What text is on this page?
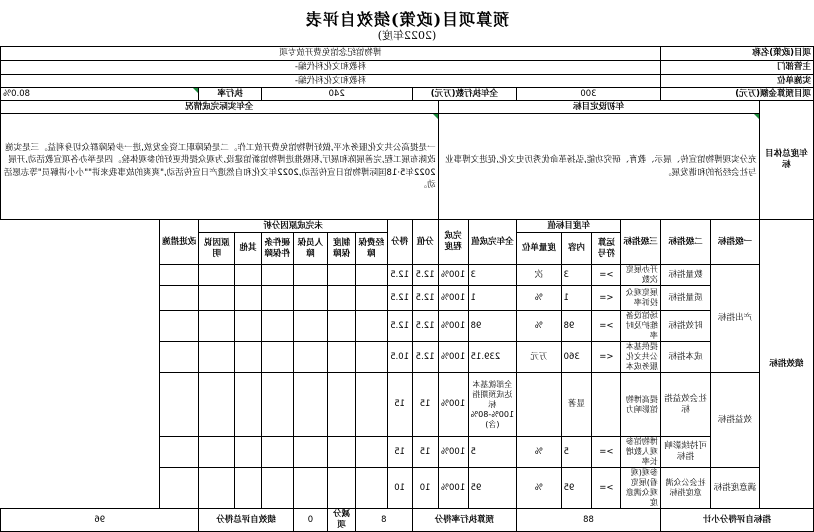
预算项目(政策)绩效自评表
(2022年度)
项目(政策)名称			博物馆纪念馆免费开放专项														
主管部门			科教和文化科代编-														
实施单位			科教和文化科代编-														
项目预算金额(万元)			300				全年执行数(万元)			240					执行率		80.0%
年度总体目标	年初设定目标								全年实际完成情况								
	充分实现博物馆宣传、展示、教育、研究功能,弘扬革命优秀历史文化,促进文博事业与社会经济的和谐发展。								一是提高公共文化服务水平,做好博物馆免费开放工作。二是保障职工资金发放,进一步保障群众切身利益。三是实施改陈布展工程,完善展陈和展厅,积极推进博物馆新馆建设,为观众提供更好的参观体验。四是举办各项宣教活动,开展2022年5·18国际博物馆日宣传活动,2022年文化和自然遗产日宣传活动,"爽爽的故事我来讲""小小讲解员"等志愿活动。								
绩效指标	一级指标	二级指标	三级指标	年度目标值			全年完成值	完成程度	分值	得分	未完成原因分析						改进措施
				运算符号	内容	度量单位					经费保障	制度保障	人员保障	硬件条件保障	其他	原因说明	

	产出指标	数量指标	开办展览次数	>=	3	次	3	100%	12.5	12.5							
		质量指标	展览观众投诉率	<=	1	%	1	100%	12.5	12.5							
		时效指标	场馆设备维护及时率	>=	98	%	98	100%	12.5	12.5							
		成本指标	提供基本公共文化服务成本	<=	360	万元	239.15	100%	12.5	10.5							
	效益指标	社会效益指标	提高博物馆影响力		显著		全部就基本达成预期指标100%-80%(含)	100%	15	15							
		可持续影响指标	博物馆参观人数增长率	>=	5	%	5	100%	15	15							
	满意度指标	社会公众满意度指标	参观(观看)展览观众满意度	>=	95	%	95	100%	10	10							
指标自评得分小计			88				预算执行率得分			8		减分项	0	绩效自评总得分			96
